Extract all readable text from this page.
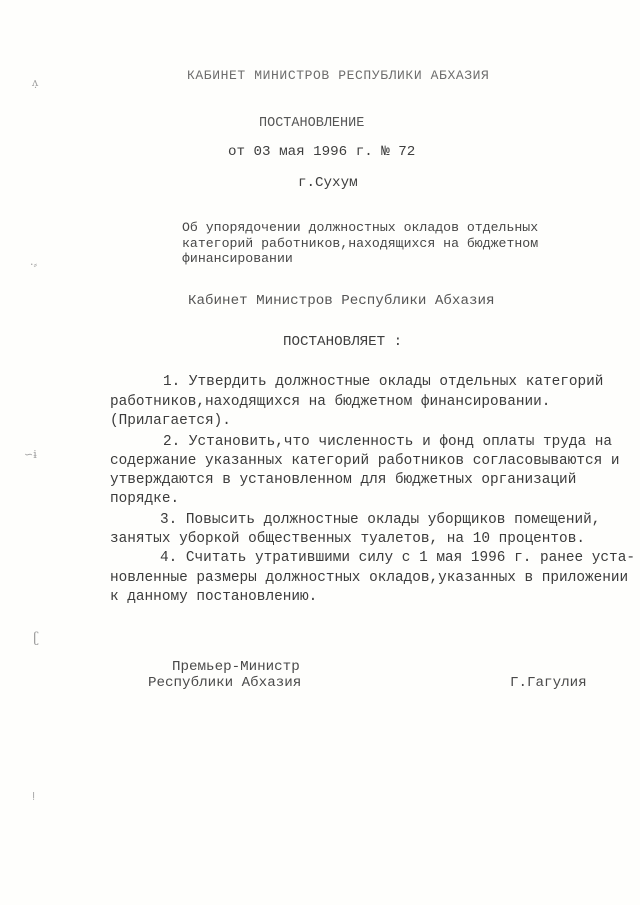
КАБИНЕТ МИНИСТРОВ РЕСПУБЛИКИ АБХАЗИЯ
ПОСТАНОВЛЕНИЕ
от 03 мая 1996 г. № 72
г.Сухум
Об упорядочении должностных окладов отдельных
категорий работников,находящихся на бюджетном
финансировании
Кабинет Министров Республики Абхазия
ПОСТАНОВЛЯЕТ :
1. Утвердить должностные оклады отдельных категорий
работников,находящихся на бюджетном финансировании.
(Прилагается).
2. Установить,что численность и фонд оплаты труда на
содержание указанных категорий работников согласовываются и
утверждаются в установленном для бюджетных организаций
порядке.
3. Повысить должностные оклады уборщиков помещений,
занятых уборкой общественных туалетов, на 10 процентов.
4. Считать утратившими силу с 1 мая 1996 г. ранее уста-
новленные размеры должностных окладов,указанных в приложении
к данному постановлению.
Премьер-Министр
Республики Абхазия	Г.Гагулия
ʌ̣
·⸗
∽ɨ
ʗ
ǃ
